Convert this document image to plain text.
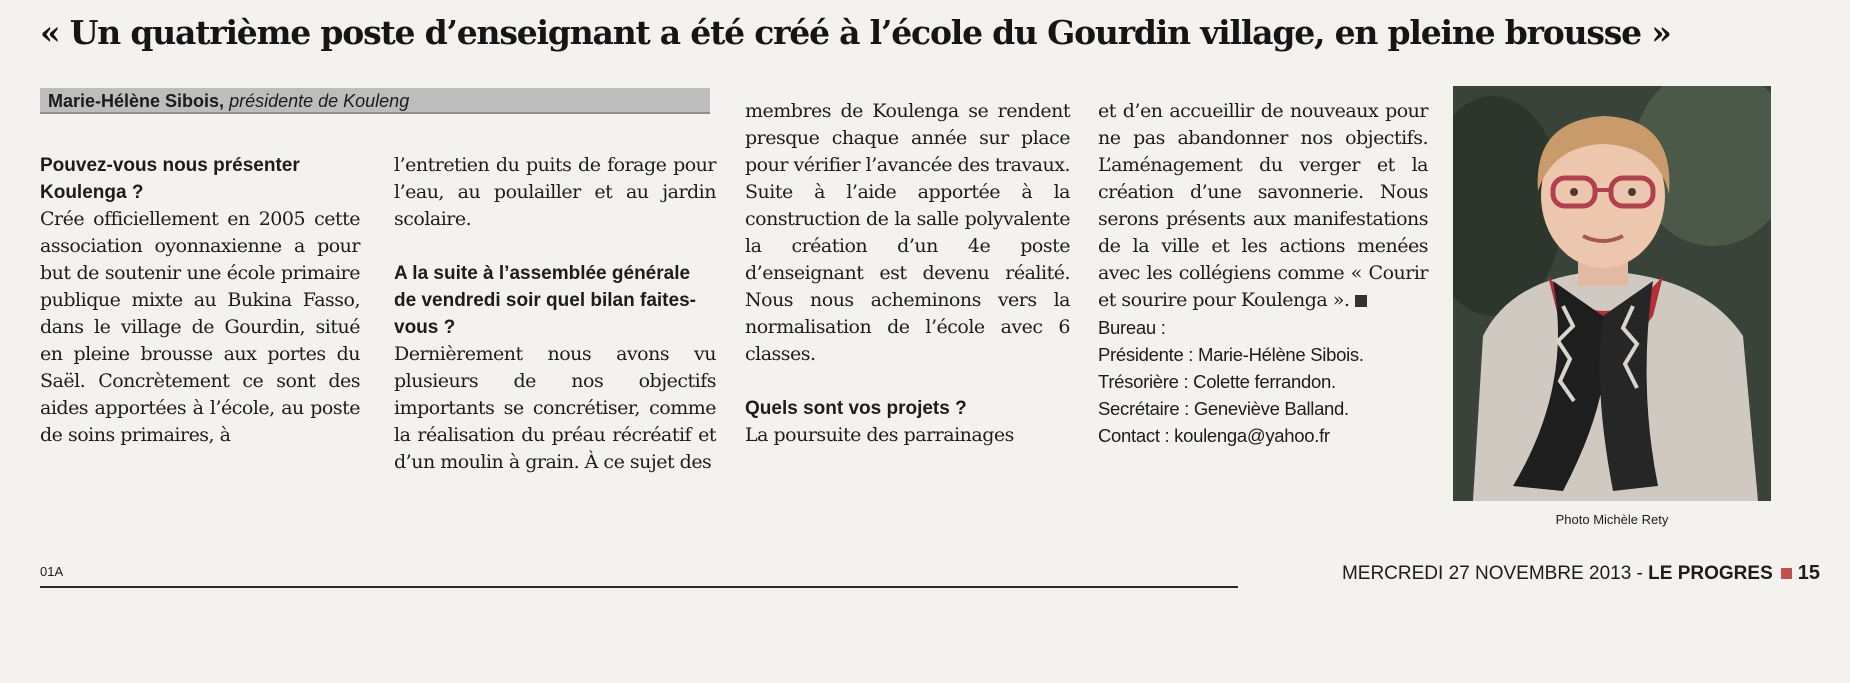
« Un quatrième poste d’enseignant a été créé à l’école du Gourdin village, en pleine brousse »
Marie-Hélène Sibois, présidente de Kouleng

Pouvez-vous nous présenter Koulenga ?

Crée officiellement en 2005 cette association oyonnaxienne a pour but de soutenir une école primaire publique mixte au Bukina Fasso, dans le village de Gourdin, situé en pleine brousse aux portes du Saël. Concrètement ce sont des aides apportées à l’école, au poste de soins primaires, à

l’entretien du puits de forage pour l’eau, au poulailler et au jardin scolaire.

A la suite à l’assemblée générale de vendredi soir quel bilan faites-vous ?

Dernièrement nous avons vu plusieurs de nos objectifs importants se concrétiser, comme la réalisation du préau récréatif et d’un moulin à grain. À ce sujet des

membres de Koulenga se rendent presque chaque année sur place pour vérifier l’avancée des travaux. Suite à l’aide apportée à la construction de la salle polyvalente la création d’un 4e poste d’enseignant est devenu réalité. Nous nous acheminons vers la normalisation de l’école avec 6 classes.

Quels sont vos projets ?

La poursuite des parrainages

et d’en accueillir de nouveaux pour ne pas abandonner nos objectifs. L’aménagement du verger et la création d’une savonnerie. Nous serons présents aux manifestations de la ville et les actions menées avec les collégiens comme « Courir et sourire pour Koulenga ».

Bureau :

Présidente : Marie-Hélène Sibois.

Trésorière : Colette ferrandon.

Secrétaire : Geneviève Balland.

Contact : koulenga@yahoo.fr

Photo Michèle Rety
01A	MERCREDI 27 NOVEMBRE 2013 - LE PROGRES 15
